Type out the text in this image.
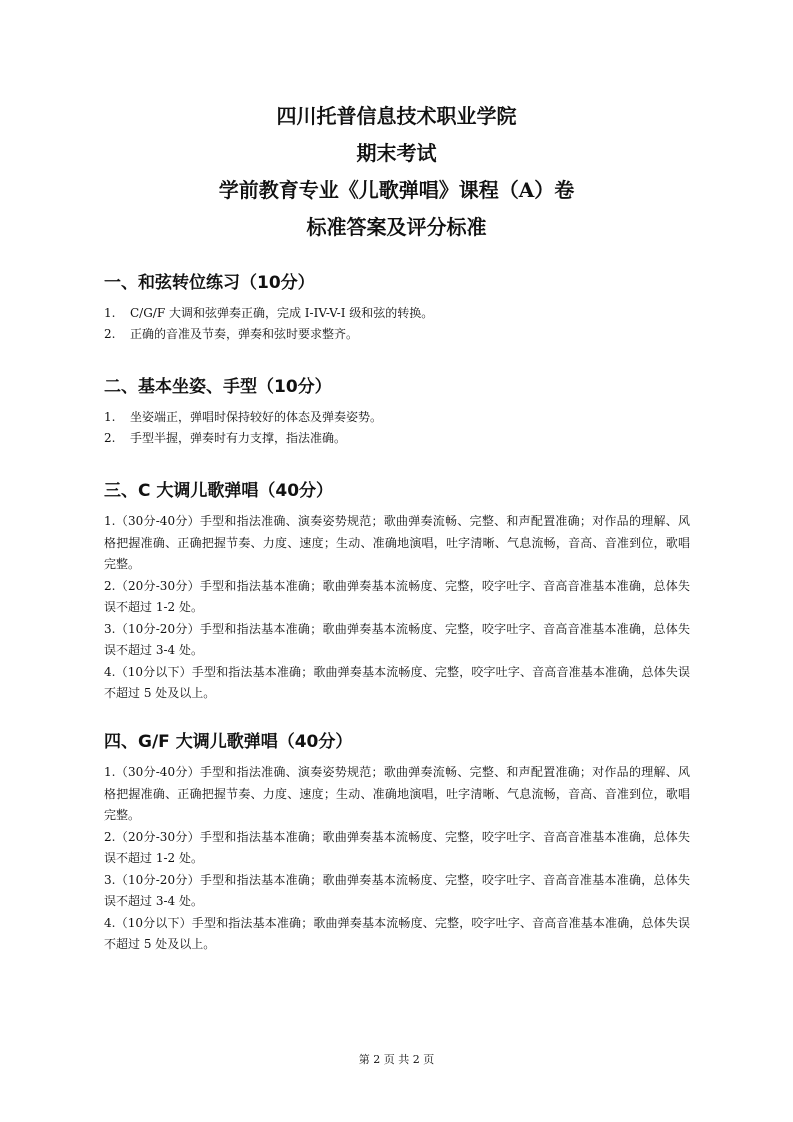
四川托普信息技术职业学院
期末考试
学前教育专业《儿歌弹唱》课程（A）卷
标准答案及评分标准
一、和弦转位练习（10分）
1.	C/G/F 大调和弦弹奏正确，完成 I-IV-V-I 级和弦的转换。
2.	正确的音准及节奏，弹奏和弦时要求整齐。
二、基本坐姿、手型（10分）
1.	坐姿端正，弹唱时保持较好的体态及弹奏姿势。
2.	手型半握，弹奏时有力支撑，指法准确。
三、C 大调儿歌弹唱（40分）

1.（30分-40分）手型和指法准确、演奏姿势规范；歌曲弹奏流畅、完整、和声配置准确；对作品的理解、风格把握准确、正确把握节奏、力度、速度；生动、准确地演唱，吐字清晰、气息流畅，音高、音准到位，歌唱完整。

2.（20分-30分）手型和指法基本准确；歌曲弹奏基本流畅度、完整，咬字吐字、音高音准基本准确，总体失误不超过 1-2 处。

3.（10分-20分）手型和指法基本准确；歌曲弹奏基本流畅度、完整，咬字吐字、音高音准基本准确，总体失误不超过 3-4 处。

4.（10分以下）手型和指法基本准确；歌曲弹奏基本流畅度、完整，咬字吐字、音高音准基本准确，总体失误不超过 5 处及以上。

四、G/F 大调儿歌弹唱（40分）

1.（30分-40分）手型和指法准确、演奏姿势规范；歌曲弹奏流畅、完整、和声配置准确；对作品的理解、风格把握准确、正确把握节奏、力度、速度；生动、准确地演唱，吐字清晰、气息流畅，音高、音准到位，歌唱完整。

2.（20分-30分）手型和指法基本准确；歌曲弹奏基本流畅度、完整，咬字吐字、音高音准基本准确，总体失误不超过 1-2 处。

3.（10分-20分）手型和指法基本准确；歌曲弹奏基本流畅度、完整，咬字吐字、音高音准基本准确，总体失误不超过 3-4 处。

4.（10分以下）手型和指法基本准确；歌曲弹奏基本流畅度、完整，咬字吐字、音高音准基本准确，总体失误不超过 5 处及以上。

第 2 页 共 2 页
